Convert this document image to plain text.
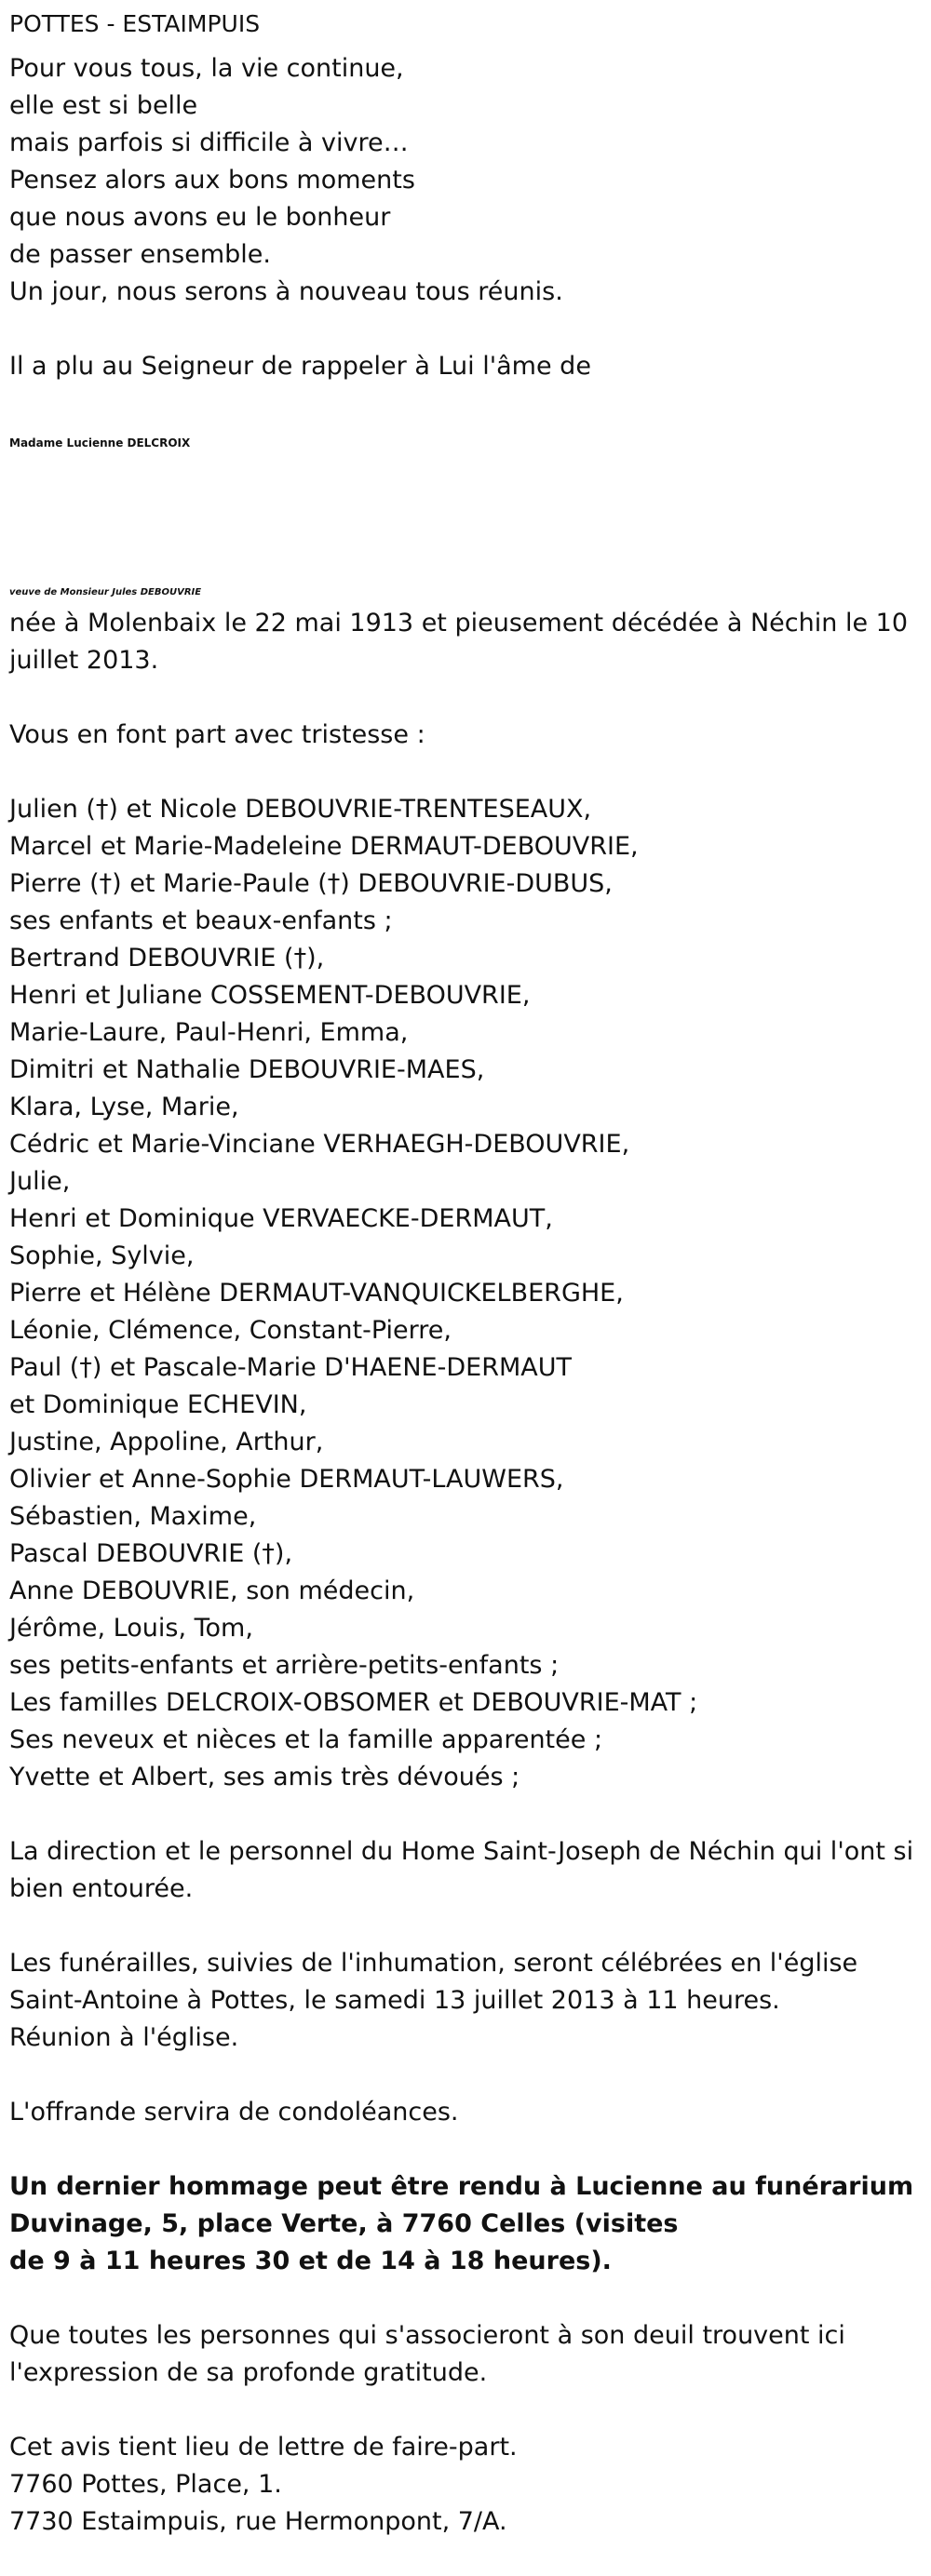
POTTES - ESTAIMPUIS
Pour vous tous, la vie continue,
elle est si belle
mais parfois si difficile à vivre…
Pensez alors aux bons moments
que nous avons eu le bonheur
de passer ensemble.
Un jour, nous serons à nouveau tous réunis.

Il a plu au Seigneur de rappeler à Lui l'âme de

Madame Lucienne DELCROIX

veuve de Monsieur Jules DEBOUVRIE

née à Molenbaix le 22 mai 1913 et pieusement décédée à Néchin le 10 juillet 2013.

Vous en font part avec tristesse :

Julien (†) et Nicole DEBOUVRIE-TRENTESEAUX,
Marcel et Marie-Madeleine DERMAUT-DEBOUVRIE,
Pierre (†) et Marie-Paule (†) DEBOUVRIE-DUBUS,
ses enfants et beaux-enfants ;
Bertrand DEBOUVRIE (†),
Henri et Juliane COSSEMENT-DEBOUVRIE,
Marie-Laure, Paul-Henri, Emma,
Dimitri et Nathalie DEBOUVRIE-MAES,
Klara, Lyse, Marie,
Cédric et Marie-Vinciane VERHAEGH-DEBOUVRIE,
Julie,
Henri et Dominique VERVAECKE-DERMAUT,
Sophie, Sylvie,
Pierre et Hélène DERMAUT-VANQUICKELBERGHE,
Léonie, Clémence, Constant-Pierre,
Paul (†) et Pascale-Marie D'HAENE-DERMAUT
et Dominique ECHEVIN,
Justine, Appoline, Arthur,
Olivier et Anne-Sophie DERMAUT-LAUWERS,
Sébastien, Maxime,
Pascal DEBOUVRIE (†),
Anne DEBOUVRIE, son médecin,
Jérôme, Louis, Tom,
ses petits-enfants et arrière-petits-enfants ;
Les familles DELCROIX-OBSOMER et DEBOUVRIE-MAT ;
Ses neveux et nièces et la famille apparentée ;
Yvette et Albert, ses amis très dévoués ;

La direction et le personnel du Home Saint-Joseph de Néchin qui l'ont si bien entourée.

Les funérailles, suivies de l'inhumation, seront célébrées en l'église Saint-Antoine à Pottes, le samedi 13 juillet 2013 à 11 heures.

Réunion à l'église.

L'offrande servira de condoléances.

Un dernier hommage peut être rendu à Lucienne au funérarium
Duvinage, 5, place Verte, à 7760 Celles (visites
de 9 à 11 heures 30 et de 14 à 18 heures).

Que toutes les personnes qui s'associeront à son deuil trouvent ici l'expression de sa profonde gratitude.

Cet avis tient lieu de lettre de faire-part.
7760 Pottes, Place, 1.
7730 Estaimpuis, rue Hermonpont, 7/A.
